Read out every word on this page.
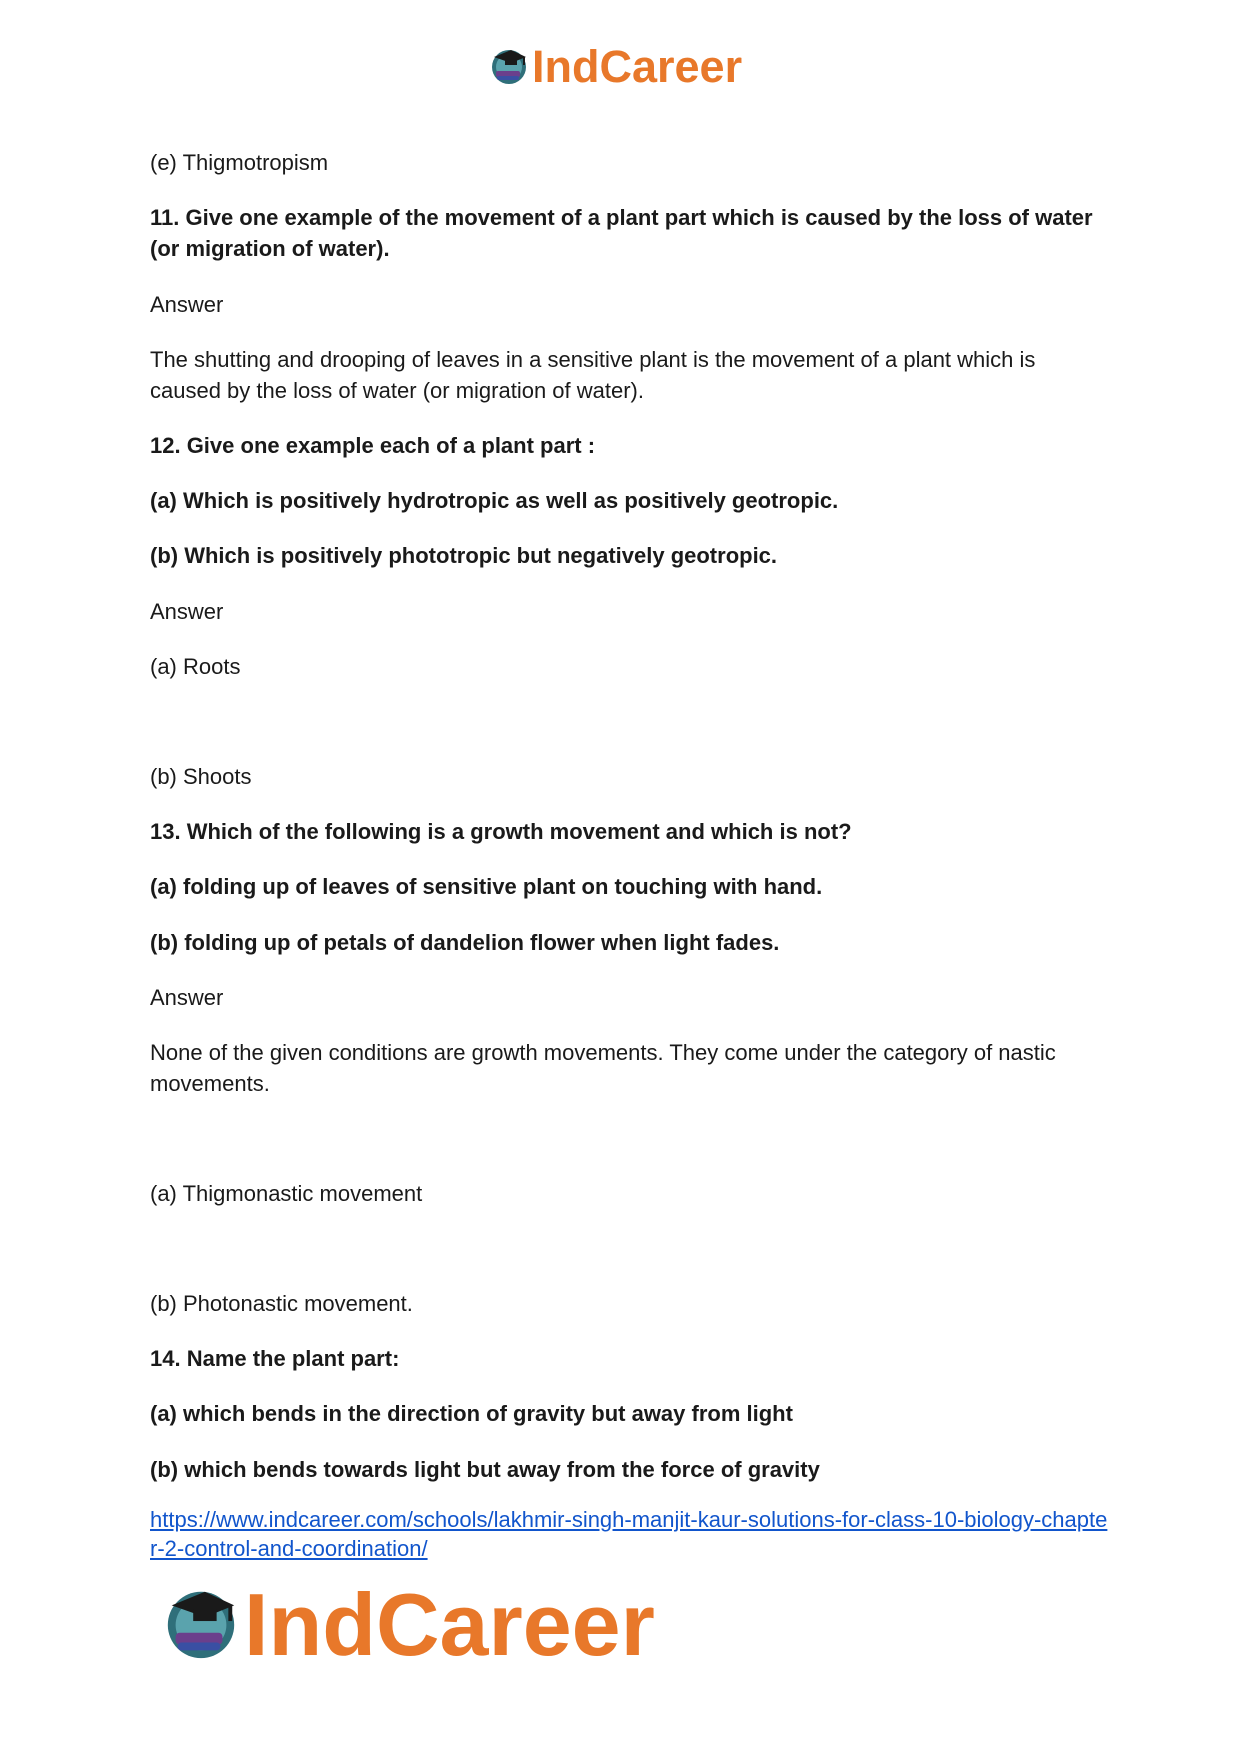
IndCareer
(e) Thigmotropism
11. Give one example of the movement of a plant part which is caused by the loss of water (or migration of water).
Answer
The shutting and drooping of leaves in a sensitive plant is the movement of a plant which is caused by the loss of water (or migration of water).
12. Give one example each of a plant part :
(a) Which is positively hydrotropic as well as positively geotropic.
(b) Which is positively phototropic but negatively geotropic.
Answer
(a) Roots
(b) Shoots
13. Which of the following is a growth movement and which is not?
(a) folding up of leaves of sensitive plant on touching with hand.
(b) folding up of petals of dandelion flower when light fades.
Answer
None of the given conditions are growth movements. They come under the category of nastic movements.
(a) Thigmonastic movement
(b) Photonastic movement.
14. Name the plant part:
(a) which bends in the direction of gravity but away from light
(b) which bends towards light but away from the force of gravity
https://www.indcareer.com/schools/lakhmir-singh-manjit-kaur-solutions-for-class-10-biology-chapter-2-control-and-coordination/
IndCareer
